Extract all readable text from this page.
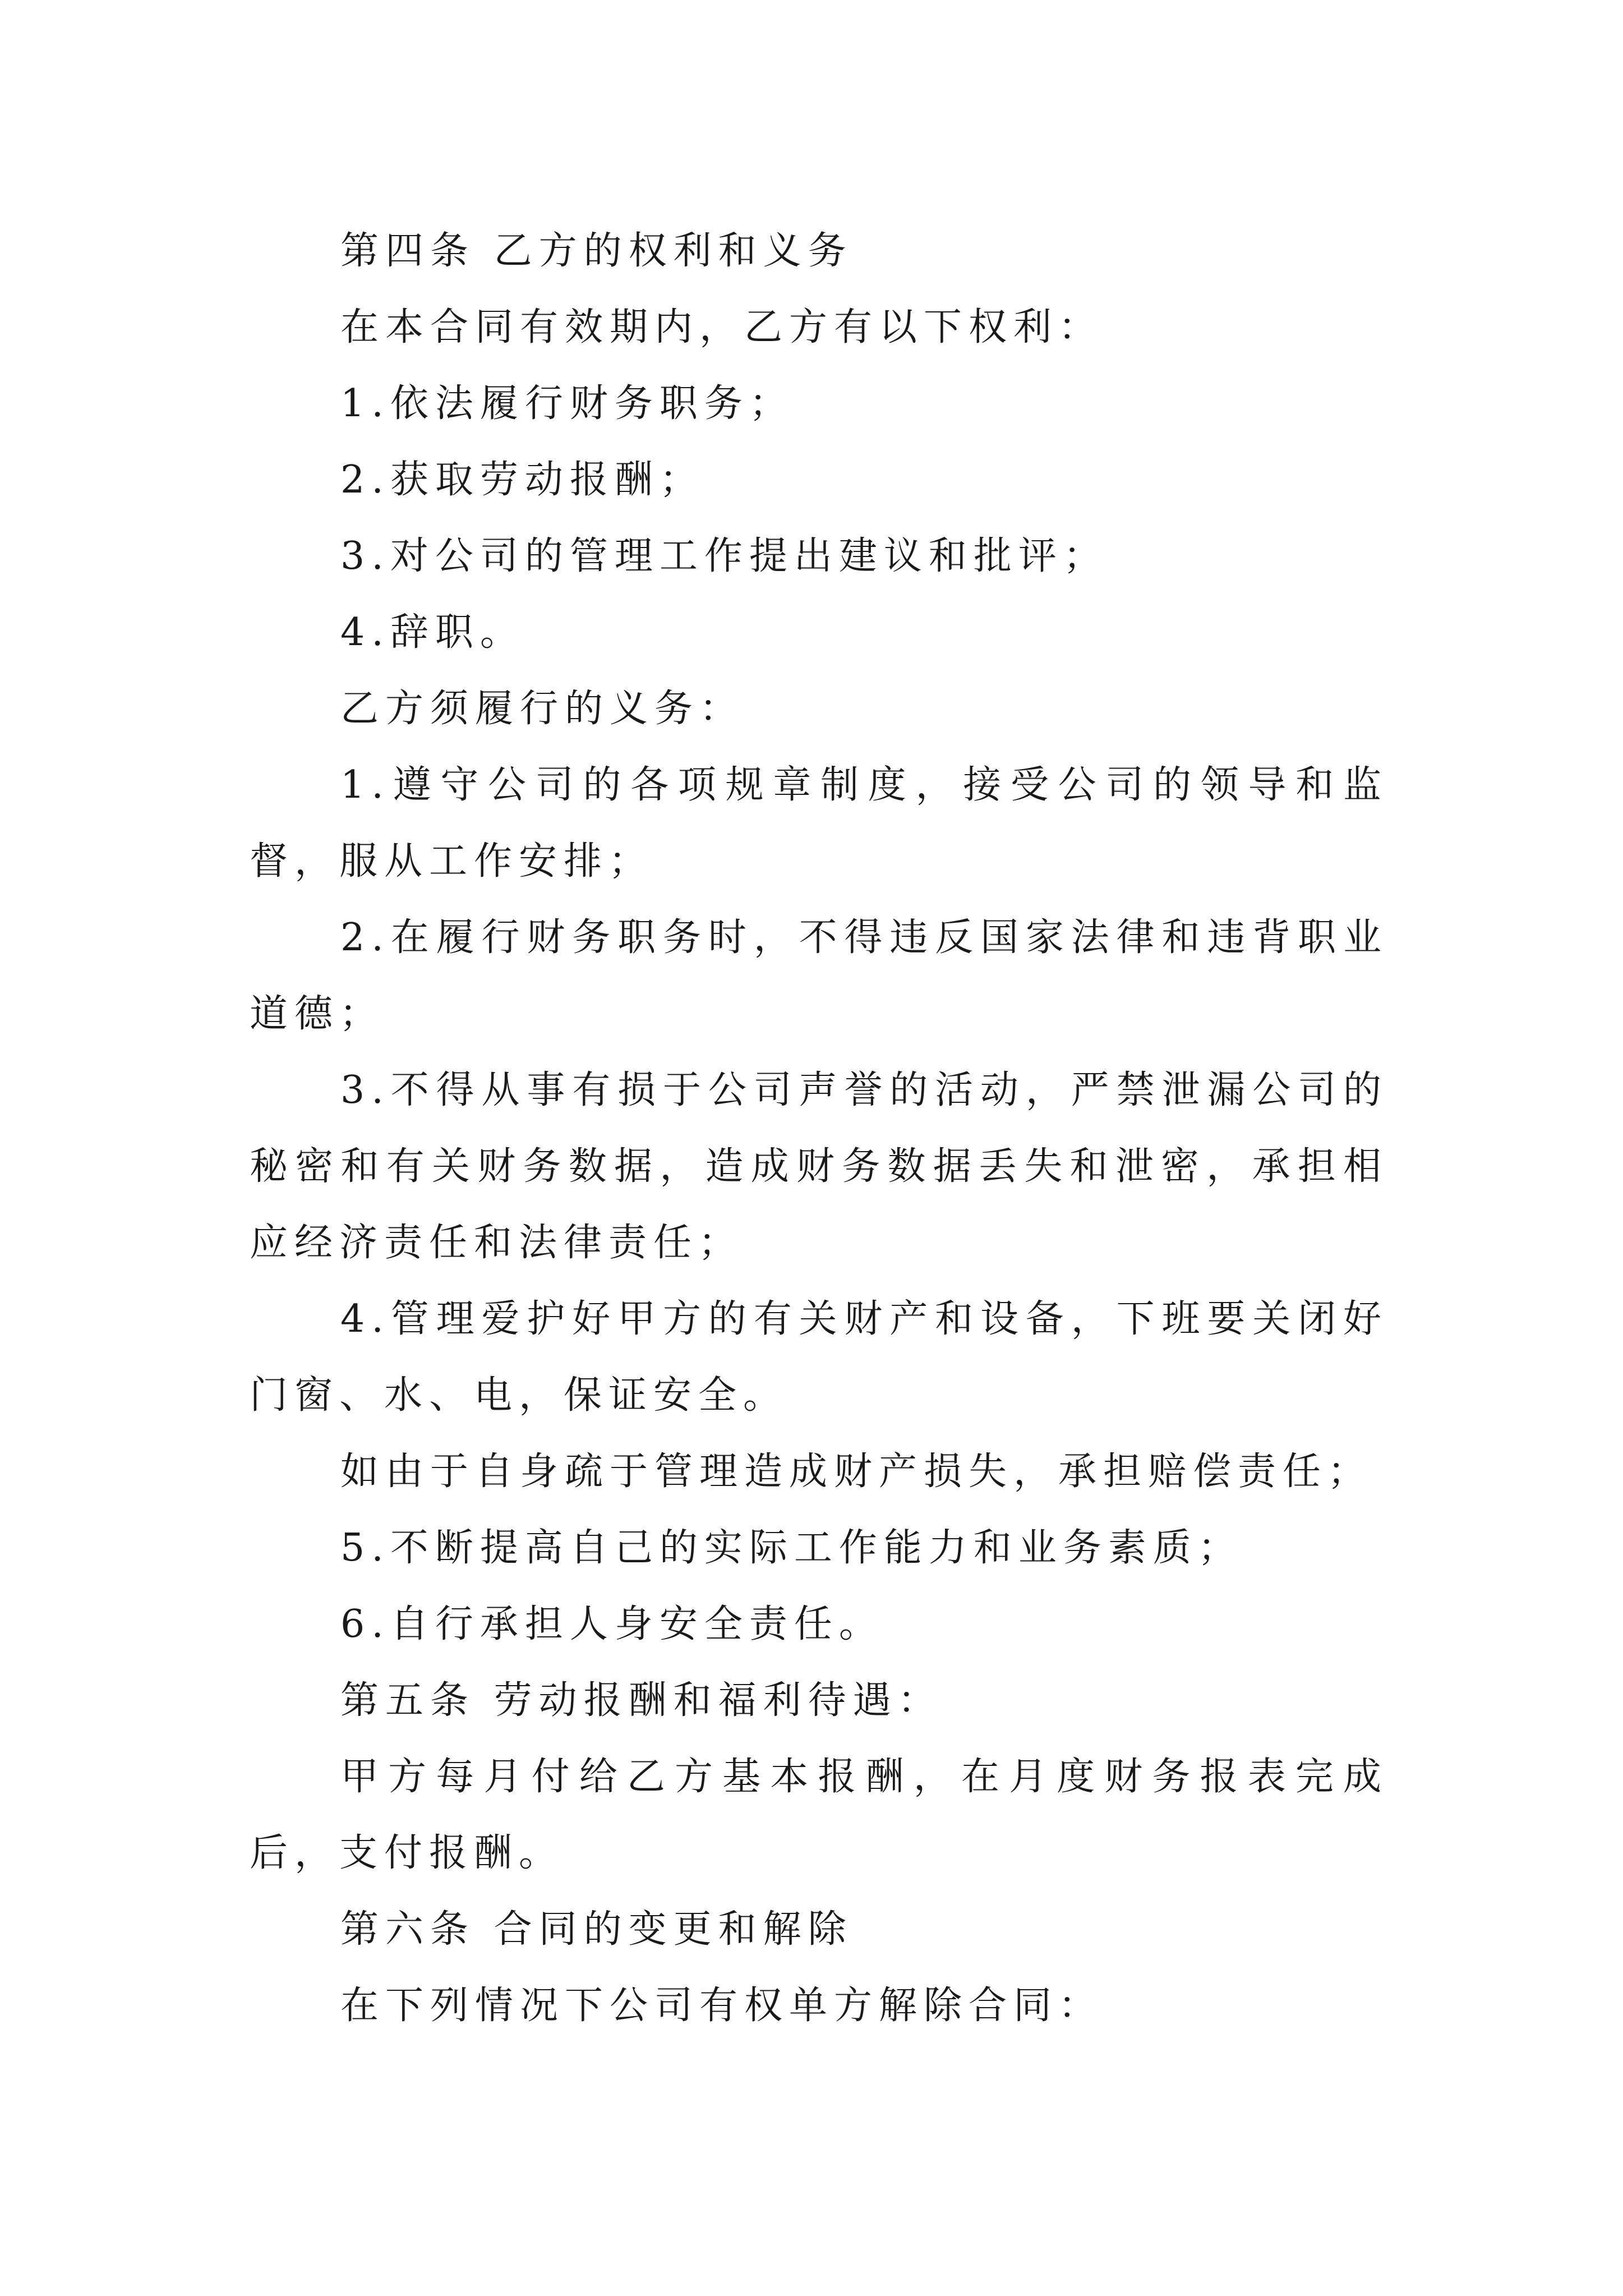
第四条 乙方的权利和义务

在本合同有效期内，乙方有以下权利：

1.依法履行财务职务；

2.获取劳动报酬；

3.对公司的管理工作提出建议和批评；

4.辞职。

乙方须履行的义务：

1.遵守公司的各项规章制度，接受公司的领导和监督，服从工作安排；

2.在履行财务职务时，不得违反国家法律和违背职业道德；

3.不得从事有损于公司声誉的活动，严禁泄漏公司的秘密和有关财务数据，造成财务数据丢失和泄密，承担相应经济责任和法律责任；

4.管理爱护好甲方的有关财产和设备，下班要关闭好门窗、水、电，保证安全。

如由于自身疏于管理造成财产损失，承担赔偿责任；

5.不断提高自己的实际工作能力和业务素质；

6.自行承担人身安全责任。

第五条 劳动报酬和福利待遇：

甲方每月付给乙方基本报酬，在月度财务报表完成后，支付报酬。

第六条 合同的变更和解除

在下列情况下公司有权单方解除合同：
